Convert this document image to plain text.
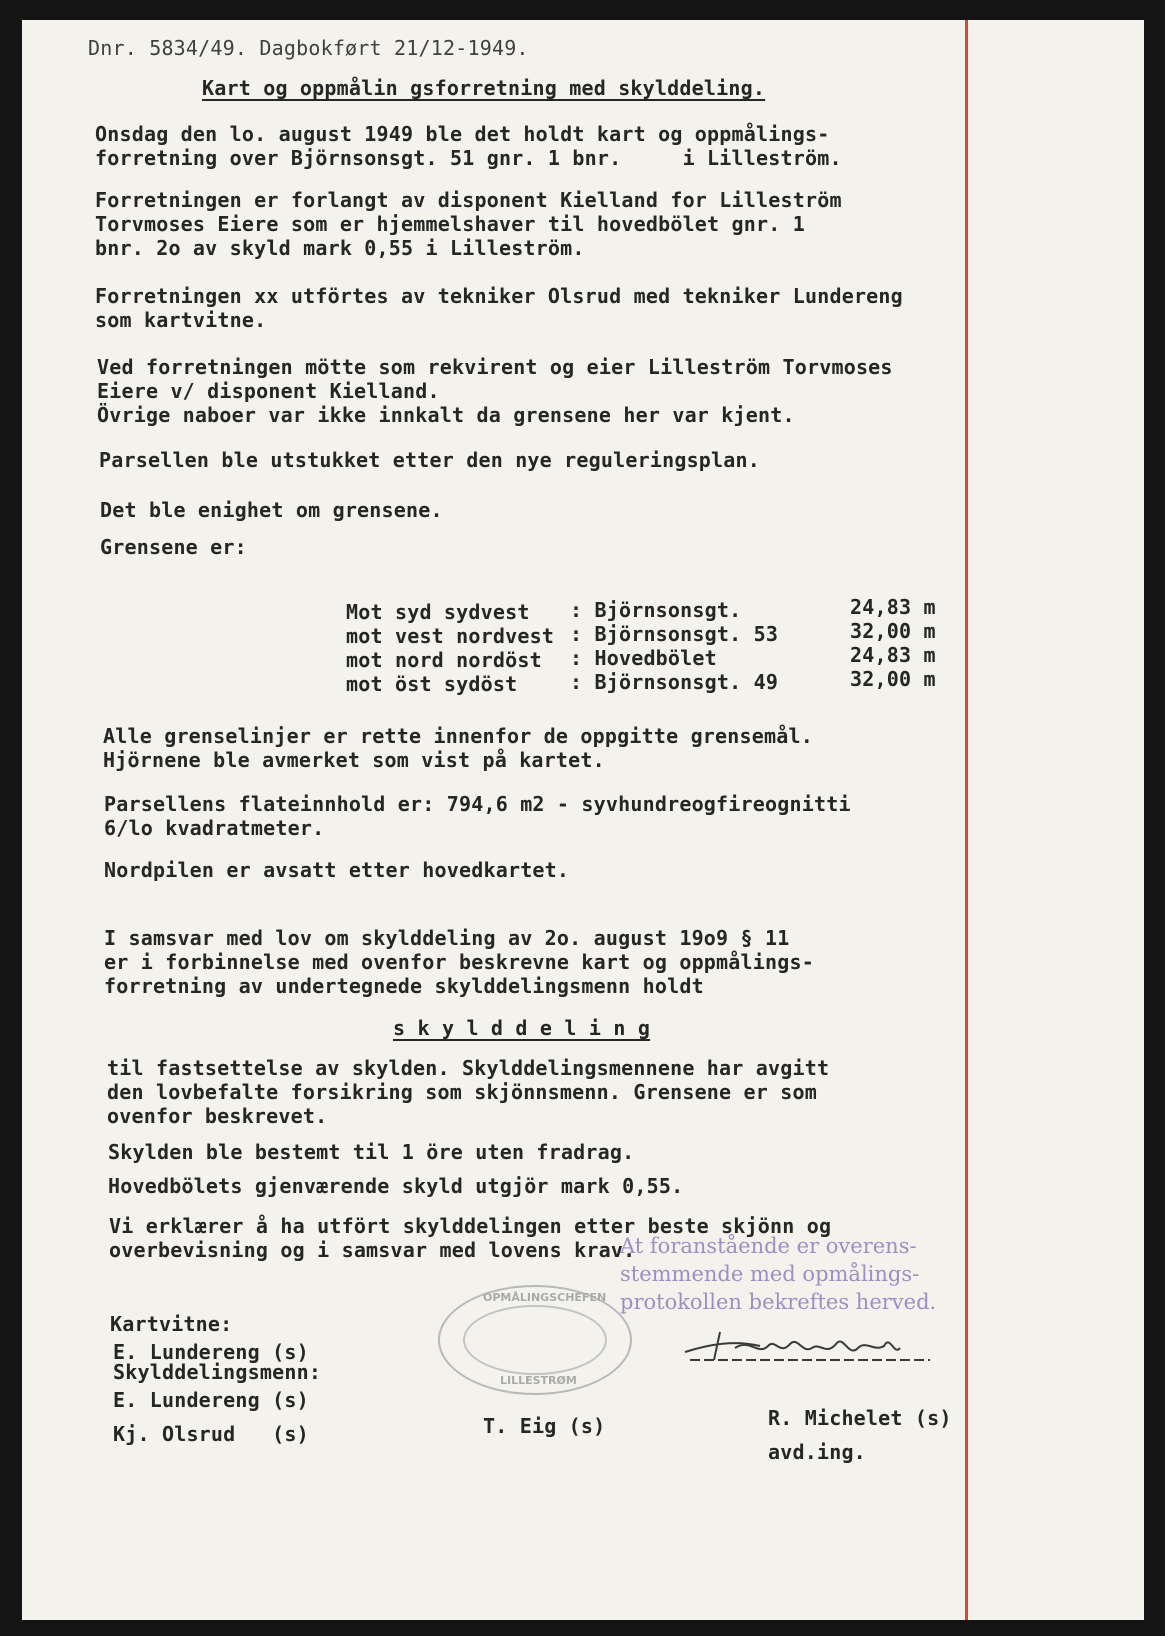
Dnr. 5834/49. Dagbokført 21/12-1949.
Kart og oppmålin gsforretning med skylddeling.
Onsdag den lo. august 1949 ble det holdt kart og oppmålings-
forretning over Björnsonsgt. 51 gnr. 1 bnr.     i Lilleström.
Forretningen er forlangt av disponent Kielland for Lilleström
Torvmoses Eiere som er hjemmelshaver til hovedbölet gnr. 1
bnr. 2o av skyld mark 0,55 i Lilleström.
Forretningen xx utförtes av tekniker Olsrud med tekniker Lundereng
som kartvitne.
Ved forretningen mötte som rekvirent og eier Lilleström Torvmoses
Eiere v/ disponent Kielland.
Övrige naboer var ikke innkalt da grensene her var kjent.
Parsellen ble utstukket etter den nye reguleringsplan.
Det ble enighet om grensene.
Grensene er:
Mot syd sydvest : Björnsonsgt.	24,83 m
mot vest nordvest : Björnsonsgt. 53	32,00 m
mot nord nordöst : Hovedbölet	24,83 m
mot öst sydöst : Björnsonsgt. 49	32,00 m
Alle grenselinjer er rette innenfor de oppgitte grensemål.
Hjörnene ble avmerket som vist på kartet.
Parsellens flateinnhold er: 794,6 m2 - syvhundreogfireognitti
6/lo kvadratmeter.
Nordpilen er avsatt etter hovedkartet.
I samsvar med lov om skylddeling av 2o. august 19o9 § 11
er i forbinnelse med ovenfor beskrevne kart og oppmålings-
forretning av undertegnede skylddelingsmenn holdt
s k y l d d e l i n g
til fastsettelse av skylden. Skylddelingsmennene har avgitt
den lovbefalte forsikring som skjönnsmenn. Grensene er som
ovenfor beskrevet.
Skylden ble bestemt til 1 öre uten fradrag.
Hovedbölets gjenværende skyld utgjör mark 0,55.
Vi erklærer å ha utfört skylddelingen etter beste skjönn og
overbevisning og i samsvar med lovens krav.
At foranstående er overens-
stemmende med opmålings-
protokollen bekreftes herved.
OPMÅLINGSCHEFEN
LILLESTRØM
Kartvitne:
E. Lundereng (s)
Skylddelingsmenn:
E. Lundereng (s)
Kj. Olsrud   (s)	T. Eig (s)	R. Michelet (s)
avd.ing.
